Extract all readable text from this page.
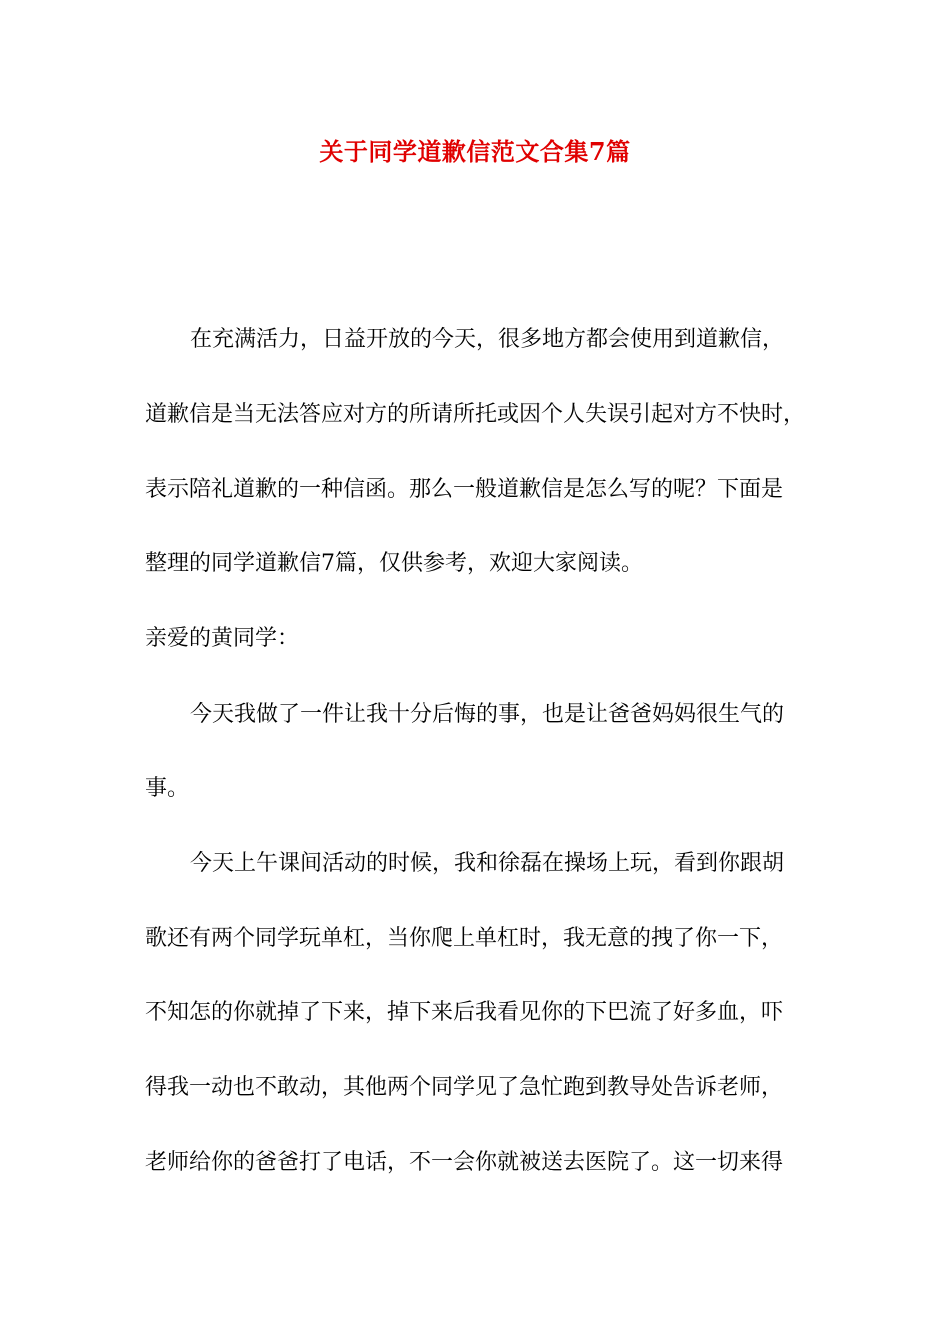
关于同学道歉信范文合集7篇
在充满活力，日益开放的今天，很多地方都会使用到道歉信，
道歉信是当无法答应对方的所请所托或因个人失误引起对方不快时，
表示陪礼道歉的一种信函。那么一般道歉信是怎么写的呢？下面是
整理的同学道歉信7篇，仅供参考，欢迎大家阅读。
亲爱的黄同学：
今天我做了一件让我十分后悔的事，也是让爸爸妈妈很生气的
事。
今天上午课间活动的时候，我和徐磊在操场上玩，看到你跟胡
歌还有两个同学玩单杠，当你爬上单杠时，我无意的拽了你一下，
不知怎的你就掉了下来，掉下来后我看见你的下巴流了好多血，吓
得我一动也不敢动，其他两个同学见了急忙跑到教导处告诉老师，
老师给你的爸爸打了电话，不一会你就被送去医院了。这一切来得
